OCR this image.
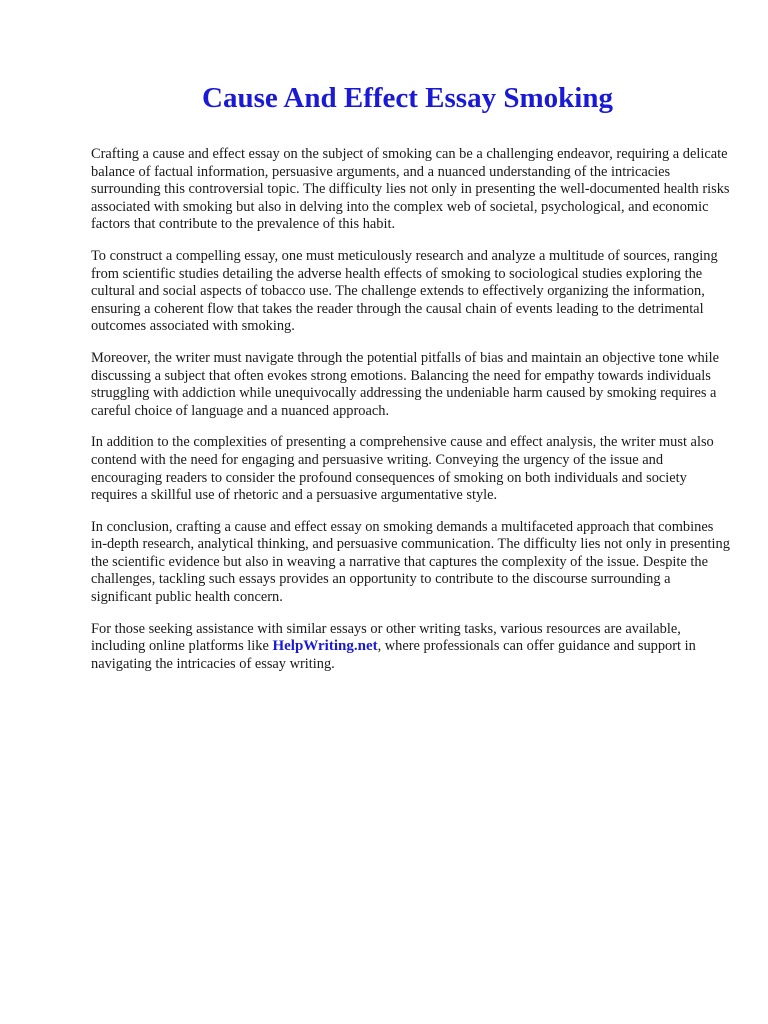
Cause And Effect Essay Smoking

Crafting a cause and effect essay on the subject of smoking can be a challenging endeavor, requiring a delicate balance of factual information, persuasive arguments, and a nuanced understanding of the intricacies surrounding this controversial topic. The difficulty lies not only in presenting the well-documented health risks associated with smoking but also in delving into the complex web of societal, psychological, and economic factors that contribute to the prevalence of this habit.

To construct a compelling essay, one must meticulously research and analyze a multitude of sources, ranging from scientific studies detailing the adverse health effects of smoking to sociological studies exploring the cultural and social aspects of tobacco use. The challenge extends to effectively organizing the information, ensuring a coherent flow that takes the reader through the causal chain of events leading to the detrimental outcomes associated with smoking.

Moreover, the writer must navigate through the potential pitfalls of bias and maintain an objective tone while discussing a subject that often evokes strong emotions. Balancing the need for empathy towards individuals struggling with addiction while unequivocally addressing the undeniable harm caused by smoking requires a careful choice of language and a nuanced approach.

In addition to the complexities of presenting a comprehensive cause and effect analysis, the writer must also contend with the need for engaging and persuasive writing. Conveying the urgency of the issue and encouraging readers to consider the profound consequences of smoking on both individuals and society requires a skillful use of rhetoric and a persuasive argumentative style.

In conclusion, crafting a cause and effect essay on smoking demands a multifaceted approach that combines in-depth research, analytical thinking, and persuasive communication. The difficulty lies not only in presenting the scientific evidence but also in weaving a narrative that captures the complexity of the issue. Despite the challenges, tackling such essays provides an opportunity to contribute to the discourse surrounding a significant public health concern.

For those seeking assistance with similar essays or other writing tasks, various resources are available, including online platforms like HelpWriting.net, where professionals can offer guidance and support in navigating the intricacies of essay writing.
